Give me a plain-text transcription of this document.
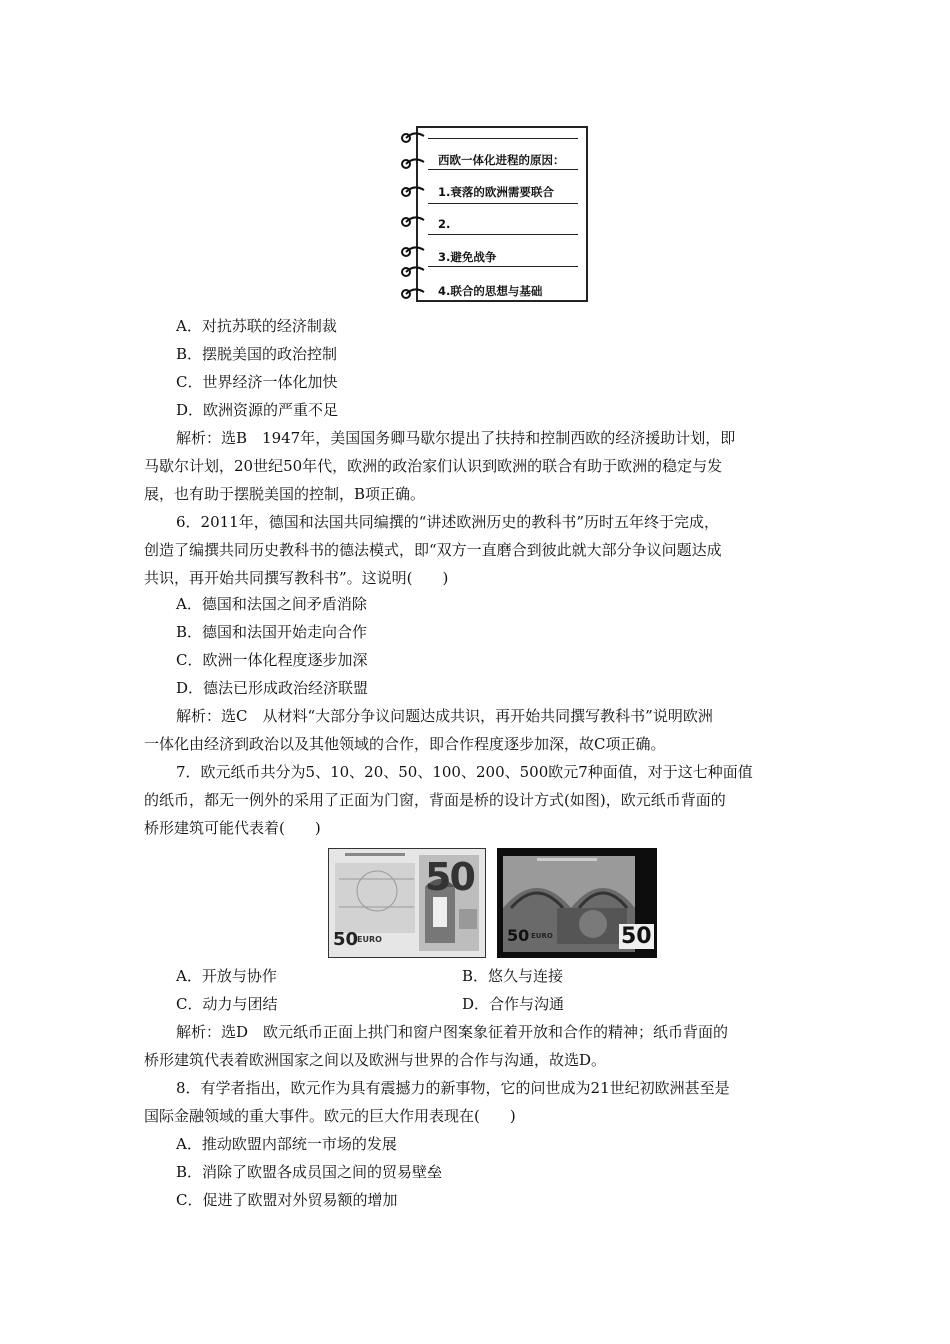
西欧一体化进程的原因：
1.衰落的欧洲需要联合
2.
3.避免战争
4.联合的思想与基础
A．对抗苏联的经济制裁
B．摆脱美国的政治控制
C．世界经济一体化加快
D．欧洲资源的严重不足
解析：选B　1947年，美国国务卿马歇尔提出了扶持和控制西欧的经济援助计划，即
马歇尔计划，20世纪50年代，欧洲的政治家们认识到欧洲的联合有助于欧洲的稳定与发
展，也有助于摆脱美国的控制，B项正确。
6．2011年，德国和法国共同编撰的“讲述欧洲历史的教科书”历时五年终于完成，
创造了编撰共同历史教科书的德法模式，即“双方一直磨合到彼此就大部分争议问题达成
共识，再开始共同撰写教科书”。这说明(　　)
A．德国和法国之间矛盾消除
B．德国和法国开始走向合作
C．欧洲一体化程度逐步加深
D．德法已形成政治经济联盟
解析：选C　从材料“大部分争议问题达成共识，再开始共同撰写教科书”说明欧洲
一体化由经济到政治以及其他领域的合作，即合作程度逐步加深，故C项正确。
7．欧元纸币共分为5、10、20、50、100、200、500欧元7种面值，对于这七种面值
的纸币，都无一例外的采用了正面为门窗，背面是桥的设计方式(如图)，欧元纸币背面的
桥形建筑可能代表着(　　)
50
50
EURO	50 EURO	50
A．开放与协作	B．悠久与连接
C．动力与团结	D．合作与沟通
解析：选D　欧元纸币正面上拱门和窗户图案象征着开放和合作的精神；纸币背面的
桥形建筑代表着欧洲国家之间以及欧洲与世界的合作与沟通，故选D。
8．有学者指出，欧元作为具有震撼力的新事物，它的问世成为21世纪初欧洲甚至是
国际金融领域的重大事件。欧元的巨大作用表现在(　　)
A．推动欧盟内部统一市场的发展
B．消除了欧盟各成员国之间的贸易壁垒
C．促进了欧盟对外贸易额的增加
